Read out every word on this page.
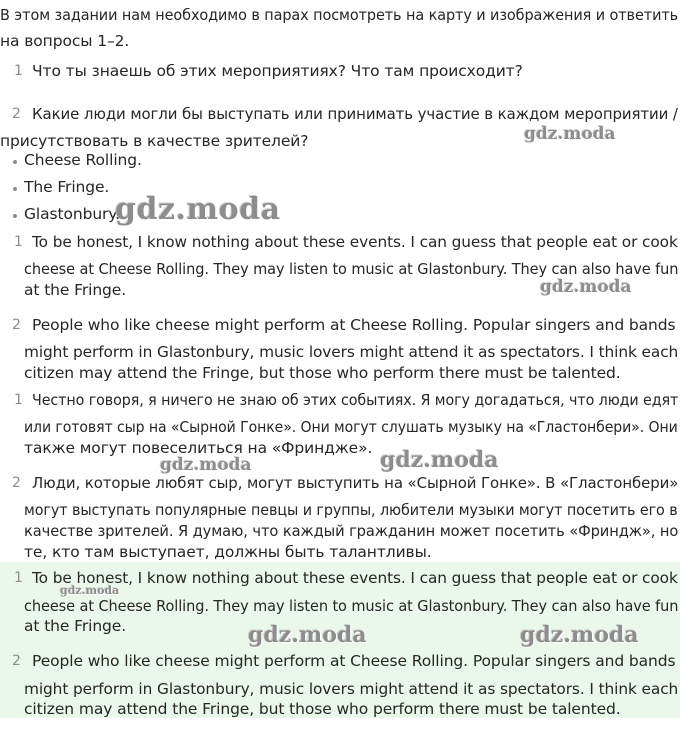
В этом задании нам необходимо в парах посмотреть на карту и изображения и ответить
на вопросы 1–2.
1 Что ты знаешь об этих мероприятиях? Что там происходит?
2 Какие люди могли бы выступать или принимать участие в каждом мероприятии /
присутствовать в качестве зрителей?
Cheese Rolling.
The Fringe.
Glastonbury.
1 To be honest, I know nothing about these events. I can guess that people eat or cook
cheese at Cheese Rolling. They may listen to music at Glastonbury. They can also have fun
at the Fringe.
2 People who like cheese might perform at Cheese Rolling. Popular singers and bands
might perform in Glastonbury, music lovers might attend it as spectators. I think each
citizen may attend the Fringe, but those who perform there must be talented.
1 Честно говоря, я ничего не знаю об этих событиях. Я могу догадаться, что люди едят
или готовят сыр на «Сырной Гонке». Они могут слушать музыку на «Гластонбери». Они
также могут повеселиться на «Фриндже».
2 Люди, которые любят сыр, могут выступить на «Сырной Гонке». В «Гластонбери»
могут выступать популярные певцы и группы, любители музыки могут посетить его в
качестве зрителей. Я думаю, что каждый гражданин может посетить «Фриндж», но
те, кто там выступает, должны быть талантливы.
1 To be honest, I know nothing about these events. I can guess that people eat or cook
cheese at Cheese Rolling. They may listen to music at Glastonbury. They can also have fun
at the Fringe.
2 People who like cheese might perform at Cheese Rolling. Popular singers and bands
might perform in Glastonbury, music lovers might attend it as spectators. I think each
citizen may attend the Fringe, but those who perform there must be talented.
gdz.moda
gdz.moda
gdz.moda
gdz.moda	gdz.moda
gdz.moda
gdz.moda	gdz.moda
